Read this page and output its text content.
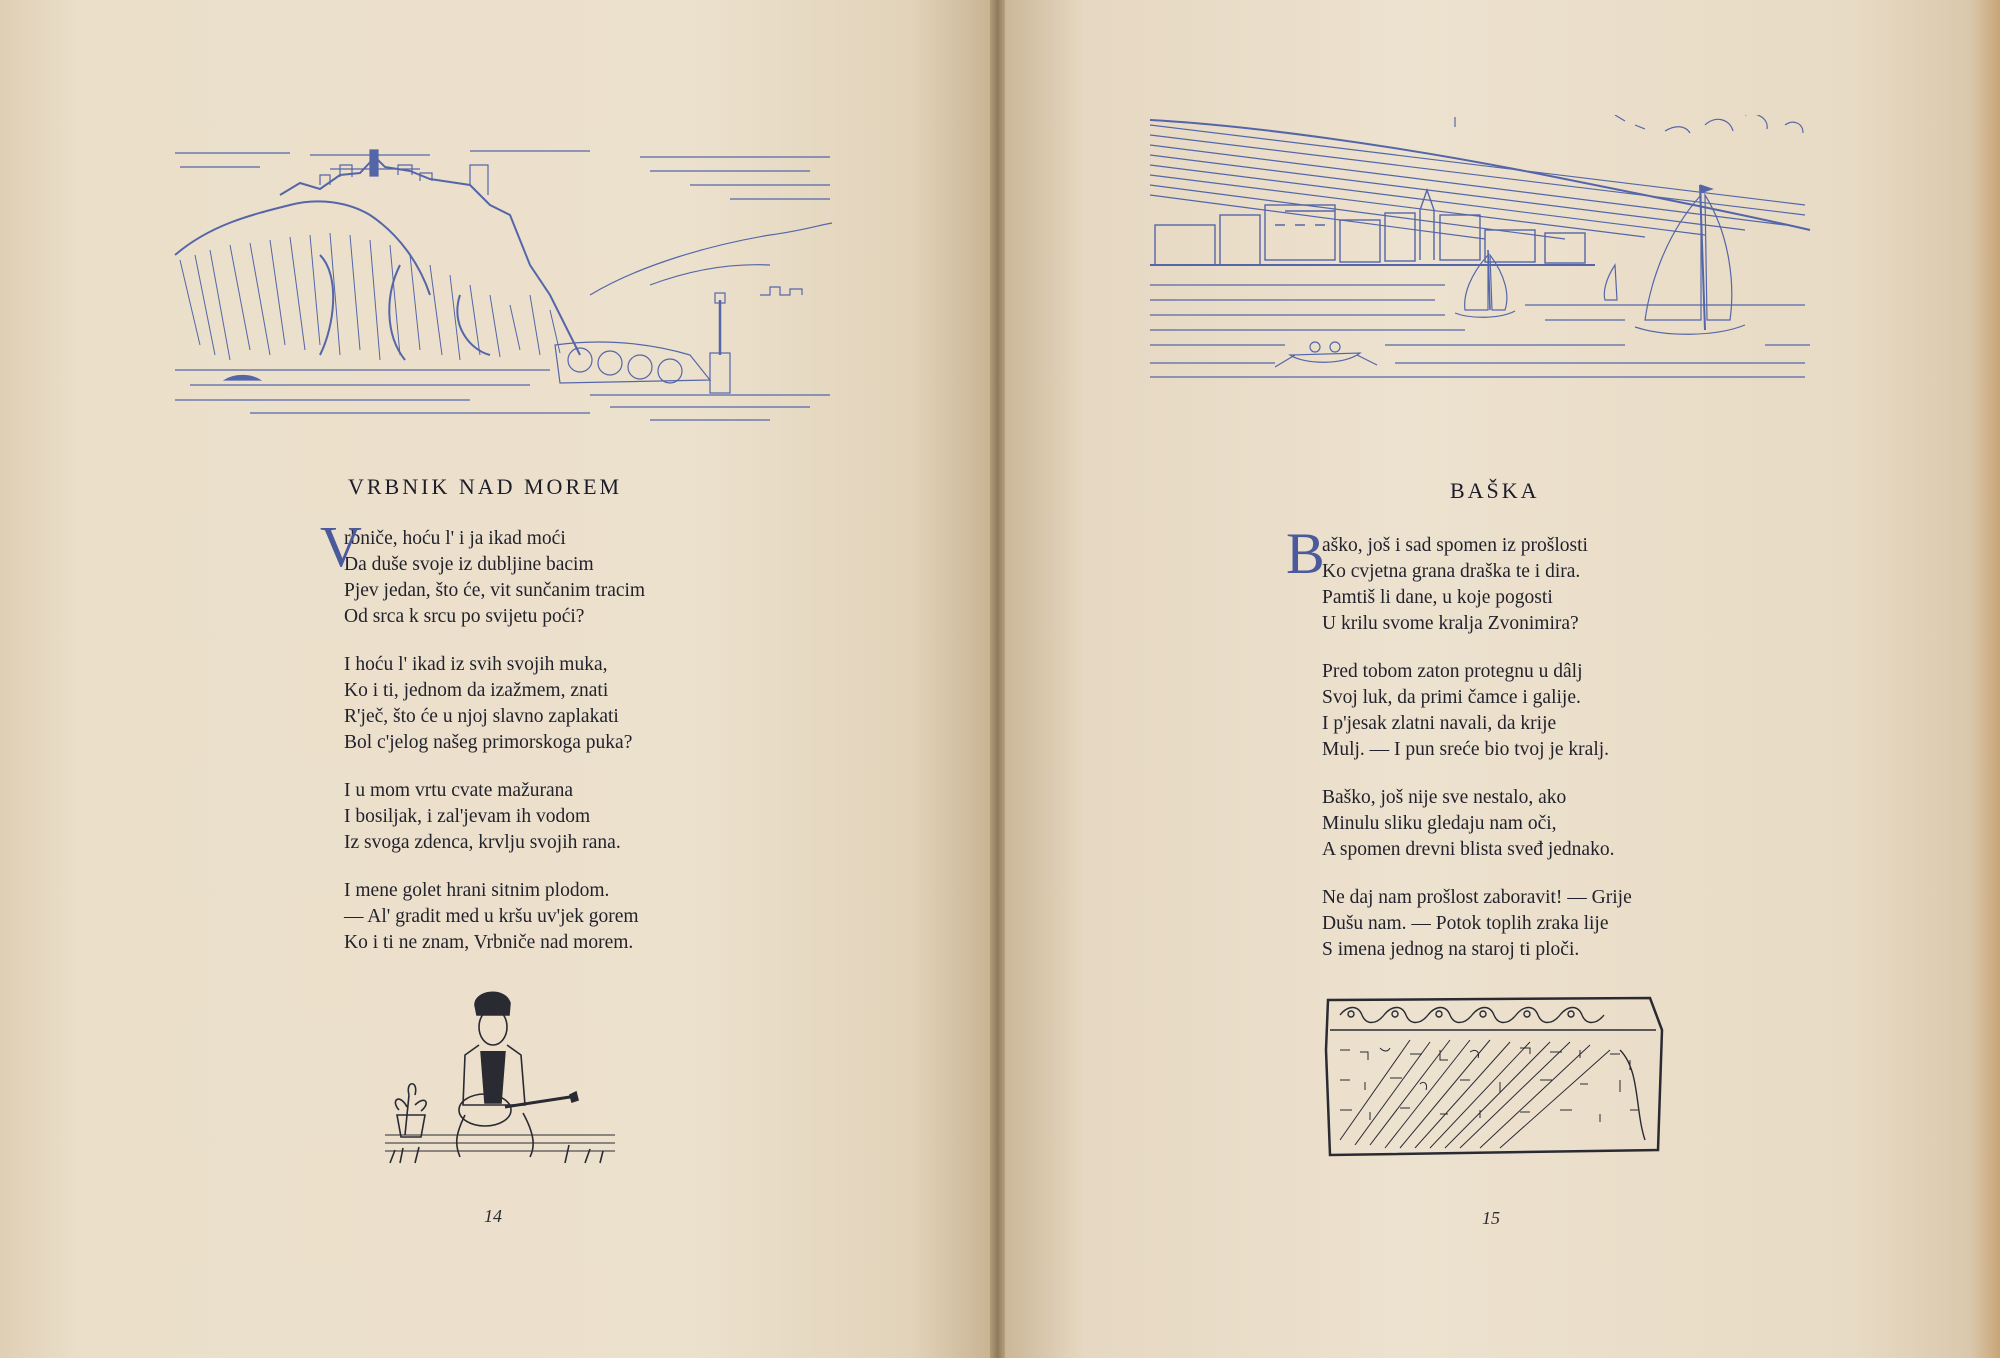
VRBNIK NAD MOREM
V
rbniče, hoću l' i ja ikad moći
Da duše svoje iz dubljine bacim
Pjev jedan, što će, vit sunčanim tracim
Od srca k srcu po svijetu poći?
I hoću l' ikad iz svih svojih muka,
Ko i ti, jednom da izažmem, znati
R'ječ, što će u njoj slavno zaplakati
Bol c'jelog našeg primorskoga puka?
I u mom vrtu cvate mažurana
I bosiljak, i zal'jevam ih vodom
Iz svoga zdenca, krvlju svojih rana.
I mene golet hrani sitnim plodom.
— Al' gradit med u kršu uv'jek gorem
Ko i ti ne znam, Vrbniče nad morem.
14
BAŠKA
B
aško, još i sad spomen iz prošlosti
Ko cvjetna grana draška te i dira.
Pamtiš li dane, u koje pogosti
U krilu svome kralja Zvonimira?
Pred tobom zaton protegnu u dâlj
Svoj luk, da primi čamce i galije.
I p'jesak zlatni navali, da krije
Mulj. — I pun sreće bio tvoj je kralj.
Baško, još nije sve nestalo, ako
Minulu sliku gledaju nam oči,
A spomen drevni blista sveđ jednako.
Ne daj nam prošlost zaboravit! — Grije
Dušu nam. — Potok toplih zraka lije
S imena jednog na staroj ti ploči.
15
